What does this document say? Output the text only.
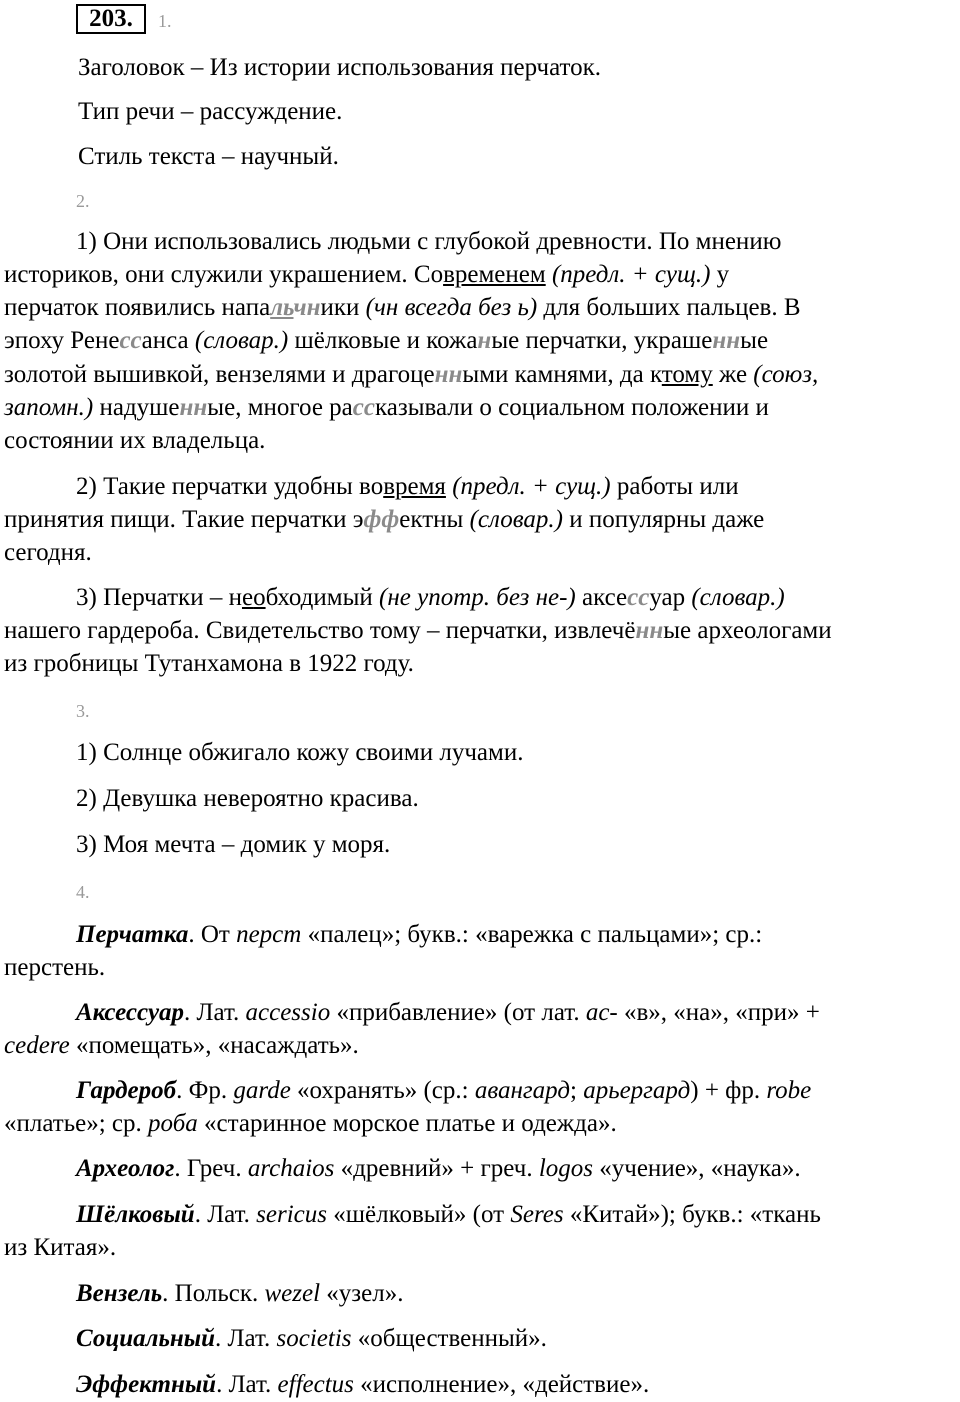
203.	1.
Заголовок – Из истории использования перчаток.
Тип речи – рассуждение.
Стиль текста – научный.
2.
1) Они использовались людьми с глубокой древности. По мнению
историков, они служили украшением. Современем (предл. + сущ.) у
перчаток появились напальчники (чн всегда без ь) для больших пальцев. В
эпоху Ренессанса (словар.) шёлковые и кожаные перчатки, украшенные
золотой вышивкой, вензелями и драгоценными камнями, да ктому же (союз,
запомн.) надушенные, многое рассказывали о социальном положении и
состоянии их владельца.
2) Такие перчатки удобны вовремя (предл. + сущ.) работы или
принятия пищи. Такие перчатки эффектны (словар.) и популярны даже
сегодня.
3) Перчатки – необходимый (не употр. без не-) аксессуар (словар.)
нашего гардероба. Свидетельство тому – перчатки, извлечённые археологами
из гробницы Тутанхамона в 1922 году.
3.
1) Солнце обжигало кожу своими лучами.
2) Девушка невероятно красива.
3) Моя мечта – домик у моря.
4.
Перчатка. От перст «палец»; букв.: «варежка с пальцами»; ср.:
перстень.
Аксессуар. Лат. accessio «прибавление» (от лат. ac- «в», «на», «при» +
cedere «помещать», «насаждать».
Гардероб. Фр. garde «охранять» (ср.: авангард; арьергард) + фр. robe
«платье»; ср. роба «старинное морское платье и одежда».
Археолог. Греч. archaios «древний» + греч. logos «учение», «наука».
Шёлковый. Лат. sericus «шёлковый» (от Seres «Китай»); букв.: «ткань
из Китая».
Вензель. Польск. wezel «узел».
Социальный. Лат. societis «общественный».
Эффектный. Лат. effectus «исполнение», «действие».
